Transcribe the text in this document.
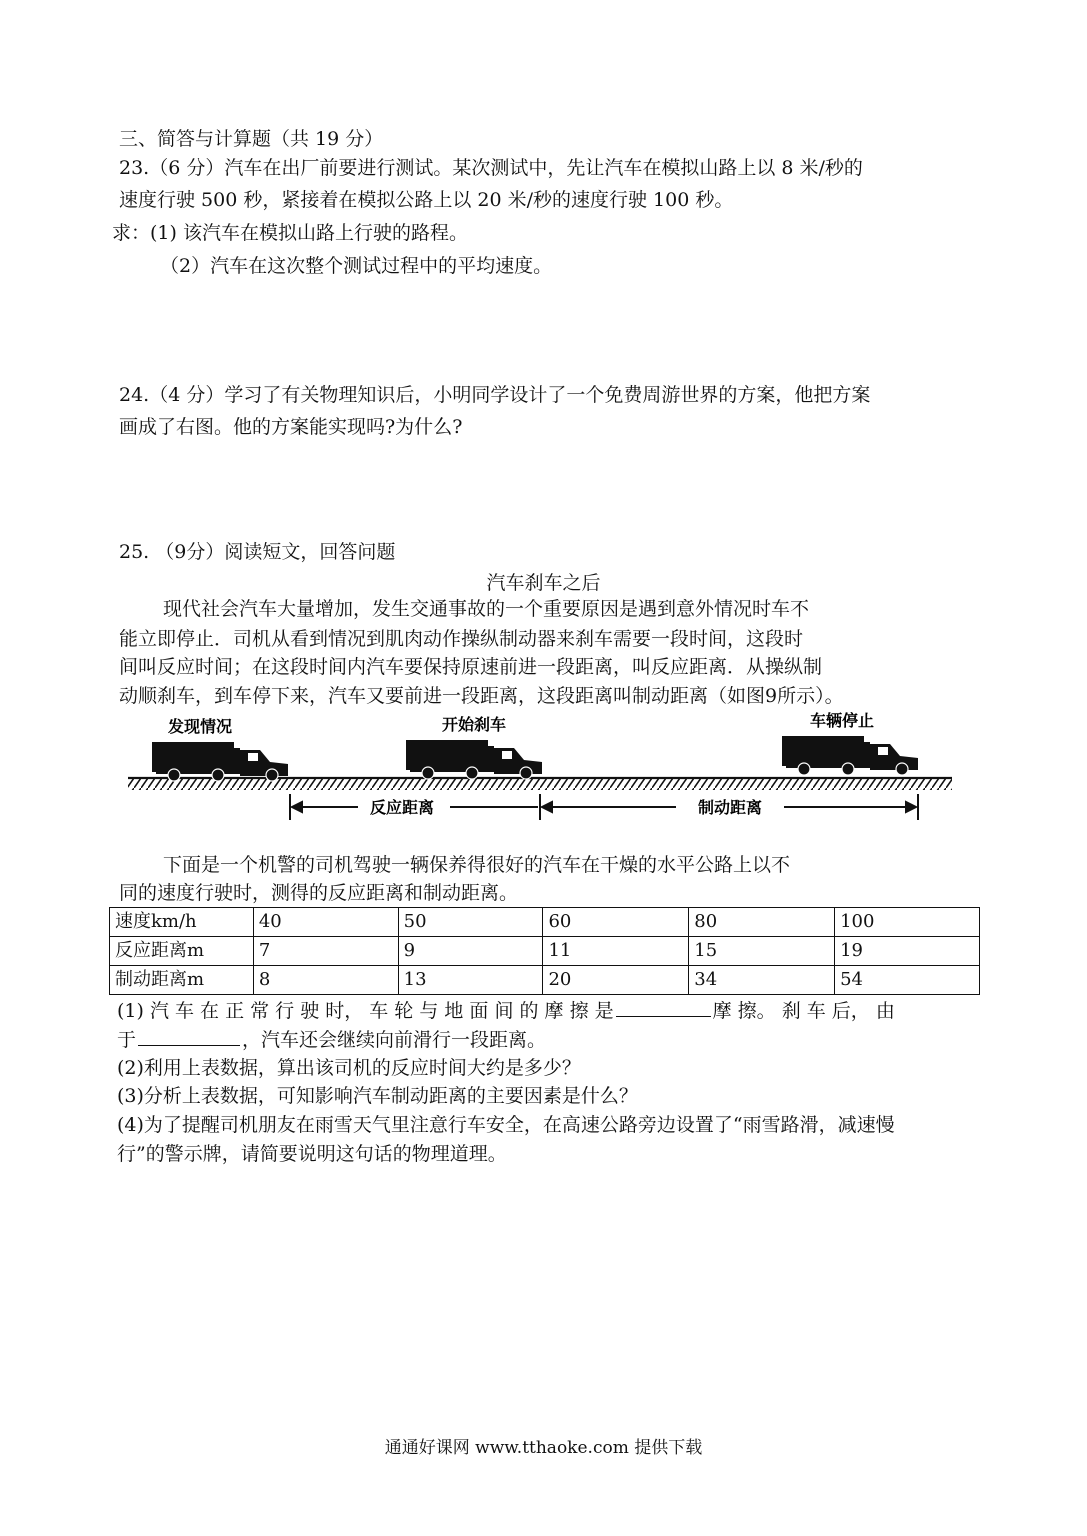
三、简答与计算题（共 19 分）
23.（6 分）汽车在出厂前要进行测试。某次测试中，先让汽车在模拟山路上以 8 米/秒的
速度行驶 500 秒，紧接着在模拟公路上以 20 米/秒的速度行驶 100 秒。
求：(1) 该汽车在模拟山路上行驶的路程。
（2）汽车在这次整个测试过程中的平均速度。
24.（4 分）学习了有关物理知识后，小明同学设计了一个免费周游世界的方案，他把方案
画成了右图。他的方案能实现吗?为什么?
25. （9分）阅读短文，回答问题
汽车刹车之后
现代社会汽车大量增加，发生交通事故的一个重要原因是遇到意外情况时车不
能立即停止．司机从看到情况到肌肉动作操纵制动器来刹车需要一段时间，这段时
间叫反应时间；在这段时间内汽车要保持原速前进一段距离，叫反应距离．从操纵制
动顺刹车，到车停下来，汽车又要前进一段距离，这段距离叫制动距离（如图9所示）。
发现情况	开始刹车	车辆停止
反应距离	制动距离
下面是一个机警的司机驾驶一辆保养得很好的汽车在干燥的水平公路上以不
同的速度行驶时，测得的反应距离和制动距离。
速度km/h	40	50	60	80	100
反应距离m	7	9	11	15	19
制动距离m	8	13	20	34	54
(1) 汽 车 在 正 常 行 驶 时， 车 轮 与 地 面 间 的 摩 擦 是	摩 擦。 刹 车 后， 由
于	，汽车还会继续向前滑行一段距离。
(2)利用上表数据，算出该司机的反应时间大约是多少？
(3)分析上表数据，可知影响汽车制动距离的主要因素是什么？
(4)为了提醒司机朋友在雨雪天气里注意行车安全，在高速公路旁边设置了“雨雪路滑，减速慢
行”的警示牌，请简要说明这句话的物理道理。
通通好课网 www.tthaoke.com 提供下载
